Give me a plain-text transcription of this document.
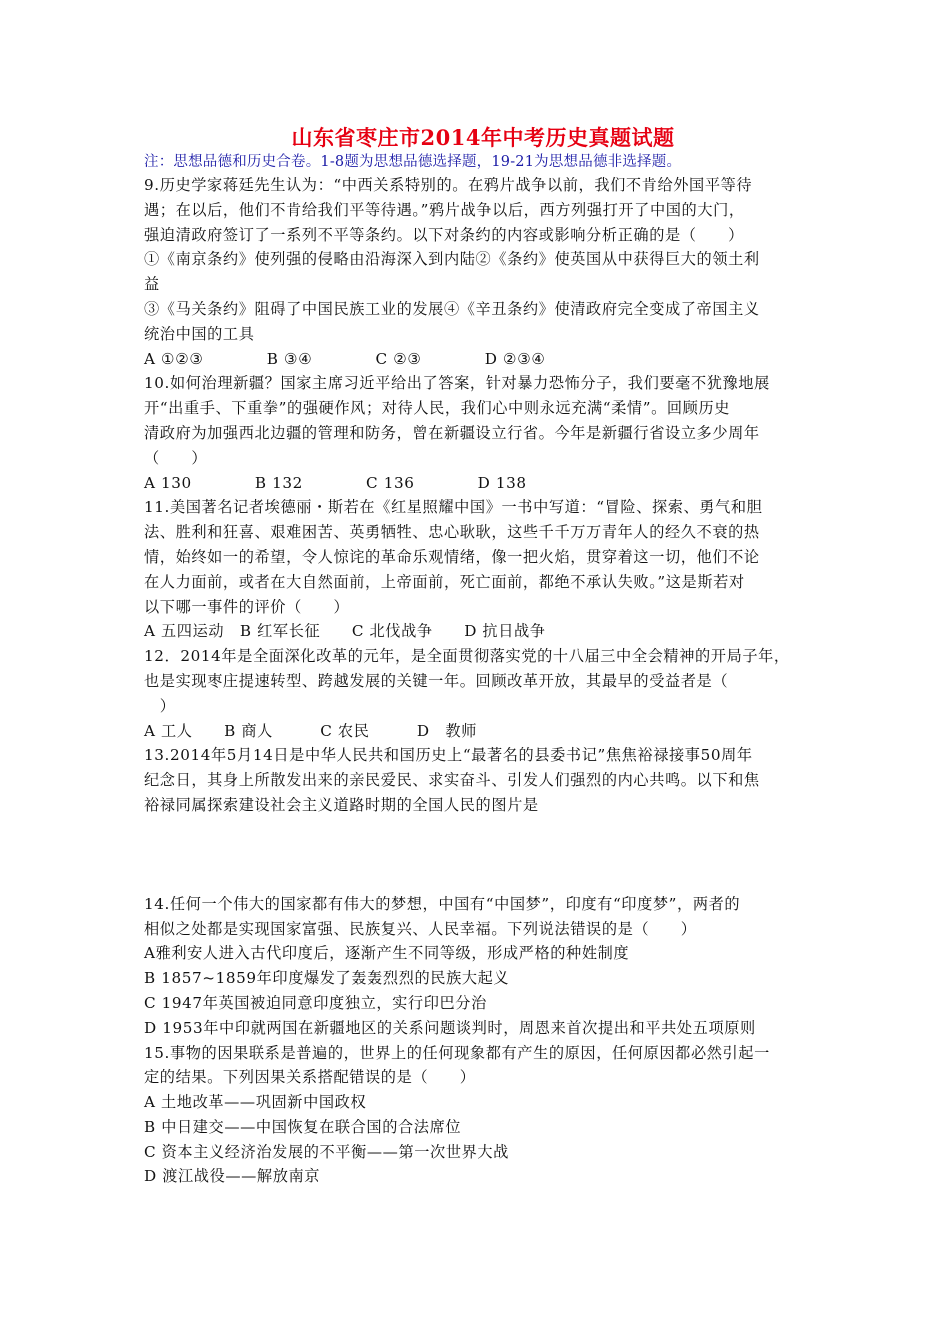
山东省枣庄市2014年中考历史真题试题
注：思想品德和历史合卷。1-8题为思想品德选择题，19-21为思想品德非选择题。
9.历史学家蒋廷先生认为：“中西关系特别的。在鸦片战争以前，我们不肯给外国平等待
遇；在以后，他们不肯给我们平等待遇。”鸦片战争以后，西方列强打开了中国的大门，
强迫清政府签订了一系列不平等条约。以下对条约的内容或影响分析正确的是（　　）
①《南京条约》使列强的侵略由沿海深入到内陆②《条约》使英国从中获得巨大的领土利
益
③《马关条约》阻碍了中国民族工业的发展④《辛丑条约》使清政府完全变成了帝国主义
统治中国的工具
A ①②③　　　　B ③④　　　　C ②③　　　　D ②③④
10.如何治理新疆？国家主席习近平给出了答案，针对暴力恐怖分子，我们要毫不犹豫地展
开“出重手、下重拳”的强硬作风；对待人民，我们心中则永远充满“柔情”。回顾历史
清政府为加强西北边疆的管理和防务，曾在新疆设立行省。今年是新疆行省设立多少周年
（　　）
A 130　　　　B 132　　　　C 136　　　　D 138
11.美国著名记者埃德丽・斯若在《红星照耀中国》一书中写道：“冒险、探索、勇气和胆
法、胜利和狂喜、艰难困苦、英勇牺牲、忠心耿耿，这些千千万万青年人的经久不衰的热
情，始终如一的希望，令人惊诧的革命乐观情绪，像一把火焰，贯穿着这一切，他们不论
在人力面前，或者在大自然面前，上帝面前，死亡面前，都绝不承认失败。”这是斯若对
以下哪一事件的评价（　　）
A 五四运动　B 红军长征　　C 北伐战争　　D 抗日战争
12．2014年是全面深化改革的元年，是全面贯彻落实党的十八届三中全会精神的开局子年，
也是实现枣庄提速转型、跨越发展的关键一年。回顾改革开放，其最早的受益者是（
　）
A 工人　　B 商人　　　C 农民　　　D　教师
13.2014年5月14日是中华人民共和国历史上“最著名的县委书记”焦焦裕禄接事50周年
纪念日，其身上所散发出来的亲民爱民、求实奋斗、引发人们强烈的内心共鸣。以下和焦
裕禄同属探索建设社会主义道路时期的全国人民的图片是
14.任何一个伟大的国家都有伟大的梦想，中国有“中国梦”，印度有“印度梦”，两者的
相似之处都是实现国家富强、民族复兴、人民幸福。下列说法错误的是（　　）
A雅利安人进入古代印度后，逐渐产生不同等级，形成严格的种姓制度
B 1857~1859年印度爆发了轰轰烈烈的民族大起义
C 1947年英国被迫同意印度独立，实行印巴分治
D 1953年中印就两国在新疆地区的关系问题谈判时，周恩来首次提出和平共处五项原则
15.事物的因果联系是普遍的，世界上的任何现象都有产生的原因，任何原因都必然引起一
定的结果。下列因果关系搭配错误的是（　　）
A 土地改革——巩固新中国政权
B 中日建交——中国恢复在联合国的合法席位
C 资本主义经济治发展的不平衡——第一次世界大战
D 渡江战役——解放南京
